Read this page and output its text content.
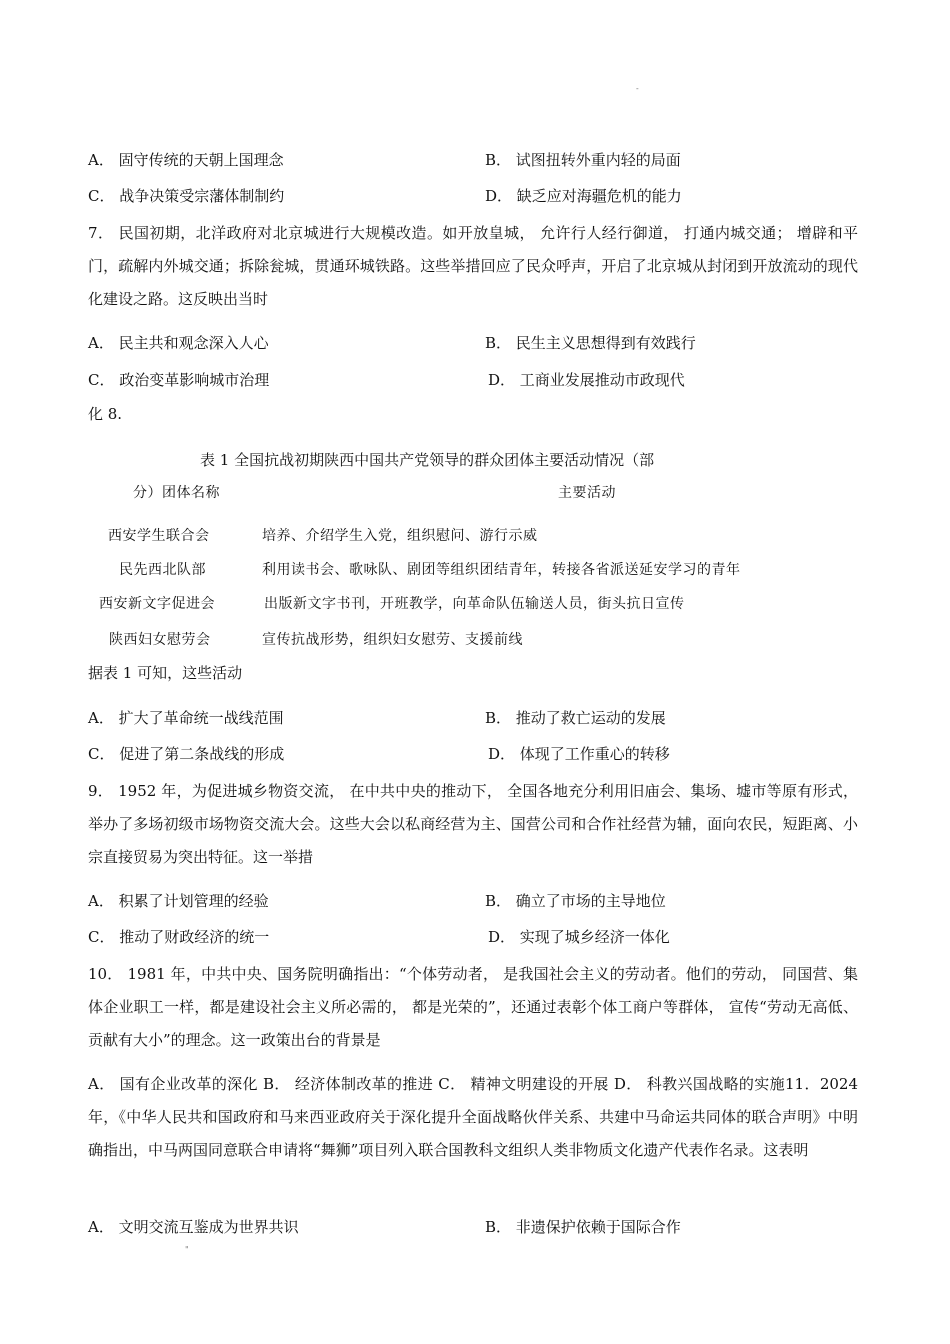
-
A． 固守传统的天朝上国理念	B． 试图扭转外重内轻的局面
C． 战争决策受宗藩体制制约	D． 缺乏应对海疆危机的能力
7． 民国初期，北洋政府对北京城进行大规模改造。如开放皇城， 允许行人经行御道， 打通内城交通； 增辟和平门，疏解内外城交通；拆除瓮城，贯通环城铁路。这些举措回应了民众呼声，开启了北京城从封闭到开放流动的现代化建设之路。这反映出当时
A． 民主共和观念深入人心	B． 民生主义思想得到有效践行
C． 政治变革影响城市治理	D． 工商业发展推动市政现代
化 8.
表 1 全国抗战初期陕西中国共产党领导的群众团体主要活动情况（部
分）团体名称	主要活动
西安学生联合会	培养、介绍学生入党，组织慰问、游行示威
民先西北队部	利用读书会、歌咏队、剧团等组织团结青年，转接各省派送延安学习的青年
西安新文字促进会	出版新文字书刊，开班教学，向革命队伍输送人员，街头抗日宣传
陕西妇女慰劳会	宣传抗战形势，组织妇女慰劳、支援前线
据表 1 可知，这些活动
A． 扩大了革命统一战线范围	B． 推动了救亡运动的发展
C． 促进了第二条战线的形成	D． 体现了工作重心的转移
9． 1952 年，为促进城乡物资交流， 在中共中央的推动下， 全国各地充分利用旧庙会、集场、墟市等原有形式，举办了多场初级市场物资交流大会。这些大会以私商经营为主、国营公司和合作社经营为辅，面向农民，短距离、小宗直接贸易为突出特征。这一举措
A． 积累了计划管理的经验	B． 确立了市场的主导地位
C． 推动了财政经济的统一	D． 实现了城乡经济一体化
10． 1981 年，中共中央、国务院明确指出：“个体劳动者， 是我国社会主义的劳动者。他们的劳动， 同国营、集体企业职工一样，都是建设社会主义所必需的， 都是光荣的”，还通过表彰个体工商户等群体， 宣传“劳动无高低、贡献有大小”的理念。这一政策出台的背景是
A． 国有企业改革的深化 B． 经济体制改革的推进 C． 精神文明建设的开展 D． 科教兴国战略的实施11．2024 年，《中华人民共和国政府和马来西亚政府关于深化提升全面战略伙伴关系、共建中马命运共同体的联合声明》中明确指出，中马两国同意联合申请将“舞狮”项目列入联合国教科文组织人类非物质文化遗产代表作名录。这表明
A． 文明交流互鉴成为世界共识	B． 非遗保护依赖于国际合作
"
